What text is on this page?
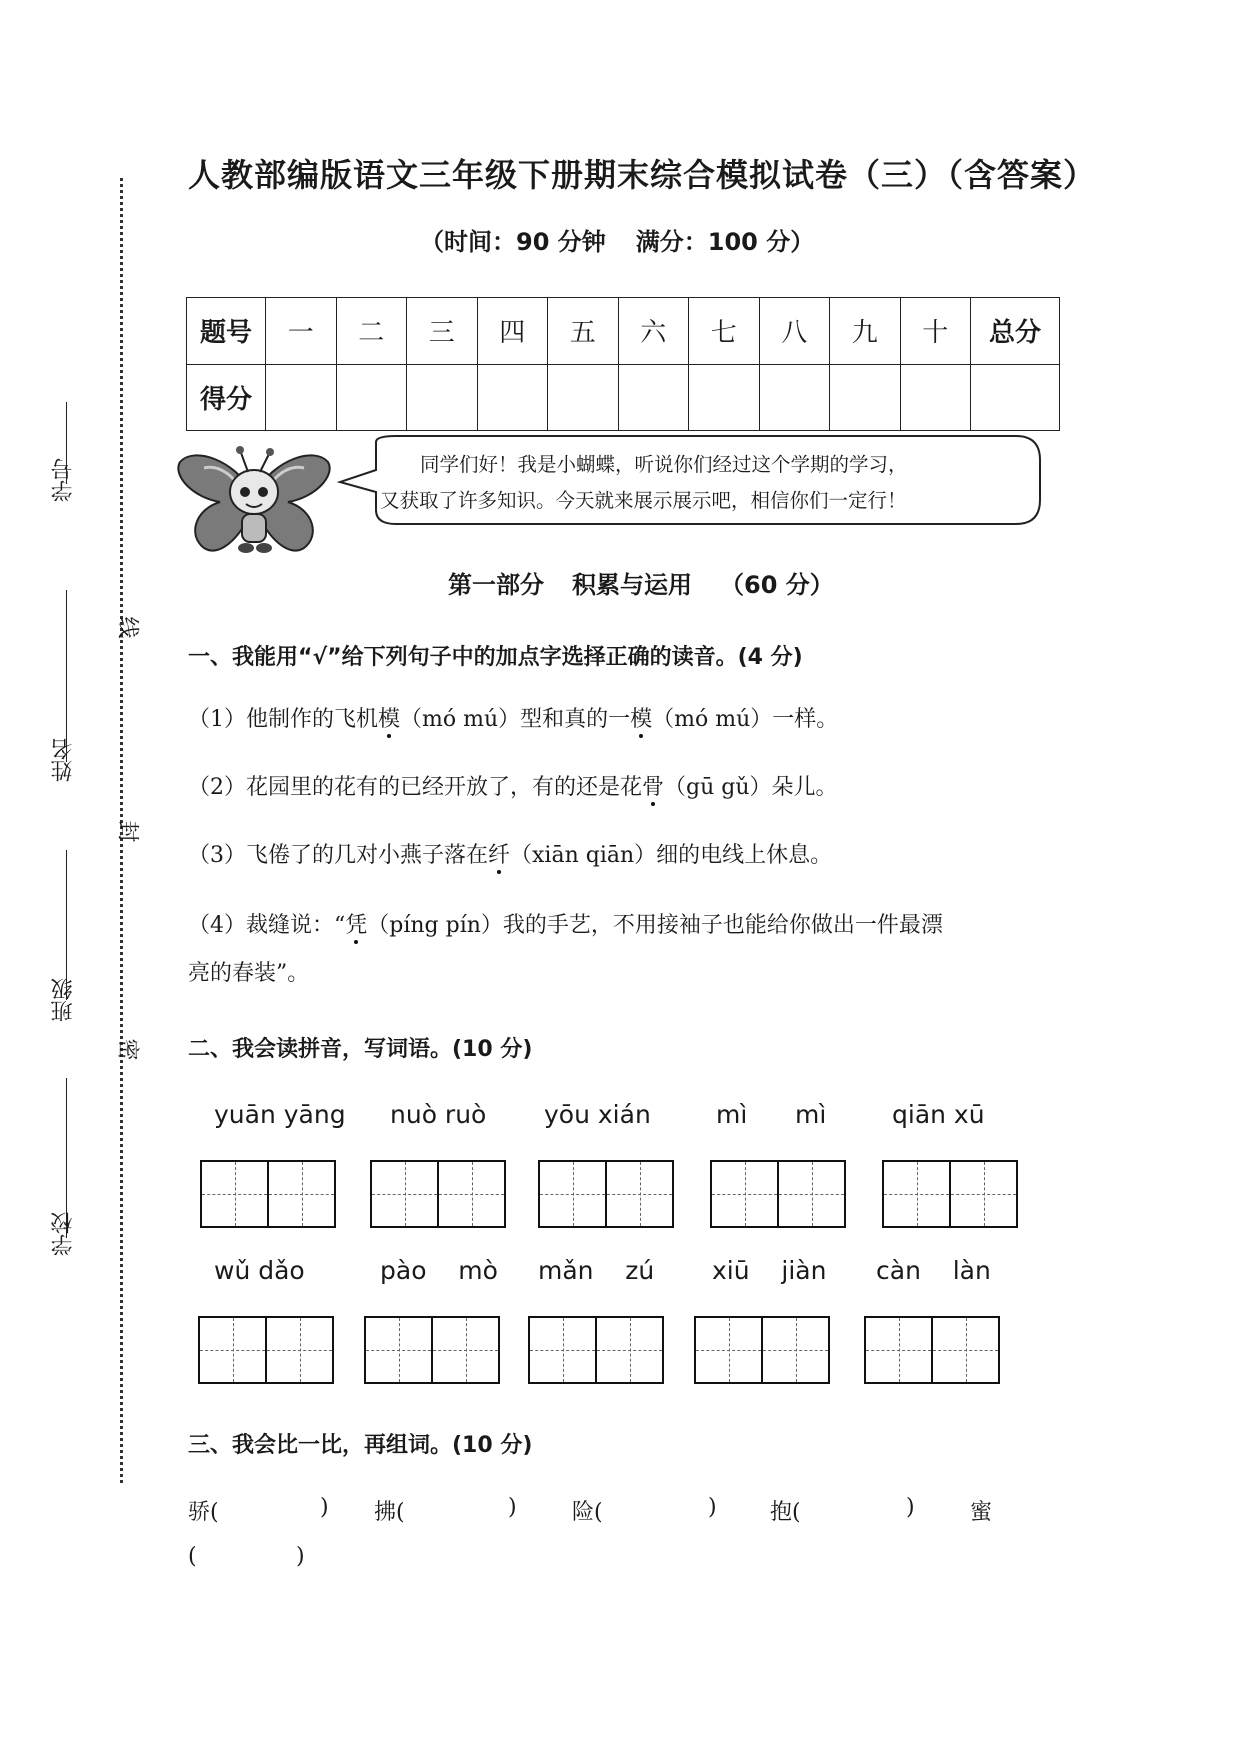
学号
姓名
班级
学校
线
封
密
人教部编版语文三年级下册期末综合模拟试卷（三）（含答案）
（时间：90 分钟 满分：100 分）
题号	一	二	三	四	五	六	七	八	九	十	总分
得分											
同学们好！我是小蝴蝶，听说你们经过这个学期的学习，
又获取了许多知识。今天就来展示展示吧，相信你们一定行！
第一部分 积累与运用 （60 分）
一、我能用“√”给下列句子中的加点字选择正确的读音。(4 分)
（1）他制作的飞机模（mó mú）型和真的一模（mó mú）一样。
（2）花园里的花有的已经开放了，有的还是花骨（gū gǔ）朵儿。
（3）飞倦了的几对小燕子落在纤（xiān qiān）细的电线上休息。
（4）裁缝说：“凭（píng pín）我的手艺，不用接袖子也能给你做出一件最漂
亮的春装”。
二、我会读拼音，写词语。(10 分)
yuān yāng nuò ruò yōu xián	mì      mì	qiān xū
wǔ dǎo	pào    mò mǎn    zú xiū    jiàn càn    làn
三、我会比一比，再组词。(10 分)
骄(	) 拂(	)	险(	) 抱(	)	蜜
(	)
